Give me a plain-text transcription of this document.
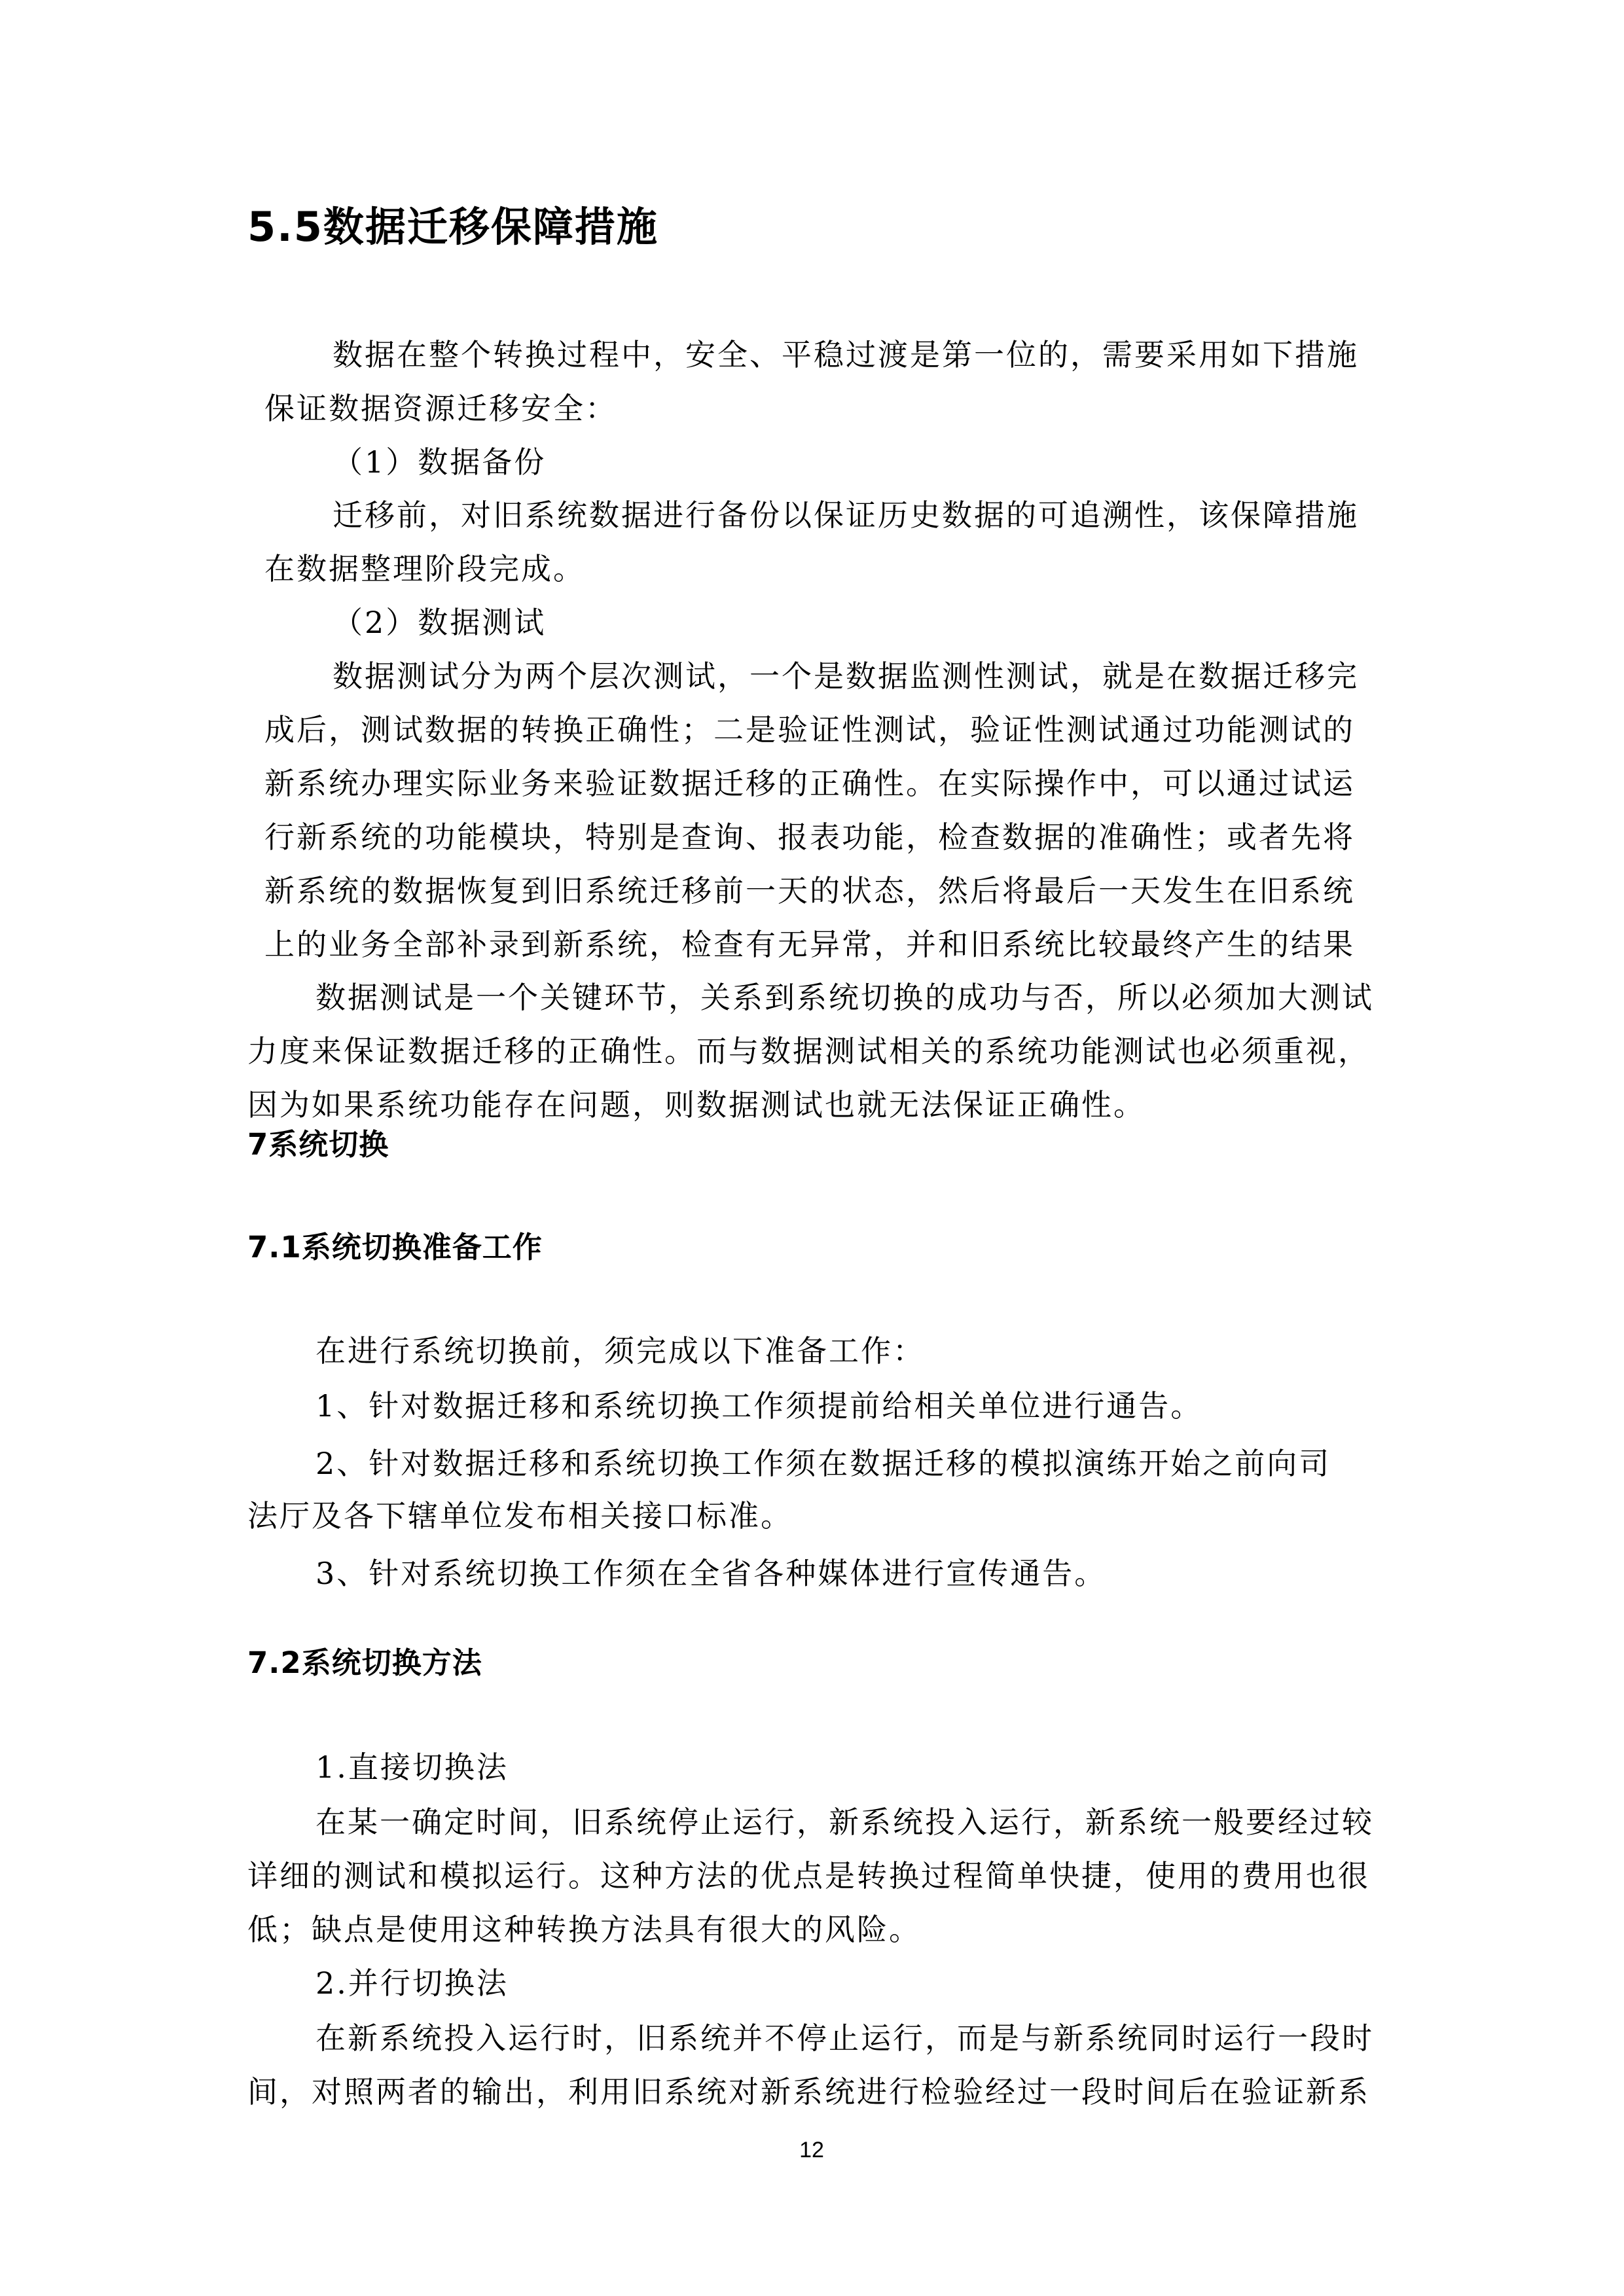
5.5数据迁移保障措施

数据在整个转换过程中，安全、平稳过渡是第一位的，需要采用如下措施

保证数据资源迁移安全：

（1）数据备份

迁移前，对旧系统数据进行备份以保证历史数据的可追溯性，该保障措施

在数据整理阶段完成。

（2）数据测试

数据测试分为两个层次测试，一个是数据监测性测试，就是在数据迁移完

成后，测试数据的转换正确性；二是验证性测试，验证性测试通过功能测试的

新系统办理实际业务来验证数据迁移的正确性。在实际操作中，可以通过试运

行新系统的功能模块，特别是查询、报表功能，检查数据的准确性；或者先将

新系统的数据恢复到旧系统迁移前一天的状态，然后将最后一天发生在旧系统

上的业务全部补录到新系统，检查有无异常，并和旧系统比较最终产生的结果

数据测试是一个关键环节，关系到系统切换的成功与否，所以必须加大测试

力度来保证数据迁移的正确性。而与数据测试相关的系统功能测试也必须重视，

因为如果系统功能存在问题，则数据测试也就无法保证正确性。

7系统切换
7.1系统切换准备工作

在进行系统切换前，须完成以下准备工作：

1、针对数据迁移和系统切换工作须提前给相关单位进行通告。

2、针对数据迁移和系统切换工作须在数据迁移的模拟演练开始之前向司

法厅及各下辖单位发布相关接口标准。

3、针对系统切换工作须在全省各种媒体进行宣传通告。

7.2系统切换方法

1.直接切换法

在某一确定时间，旧系统停止运行，新系统投入运行，新系统一般要经过较

详细的测试和模拟运行。这种方法的优点是转换过程简单快捷，使用的费用也很

低；缺点是使用这种转换方法具有很大的风险。

2.并行切换法

在新系统投入运行时，旧系统并不停止运行，而是与新系统同时运行一段时

间，对照两者的输出，利用旧系统对新系统进行检验经过一段时间后在验证新系

12
